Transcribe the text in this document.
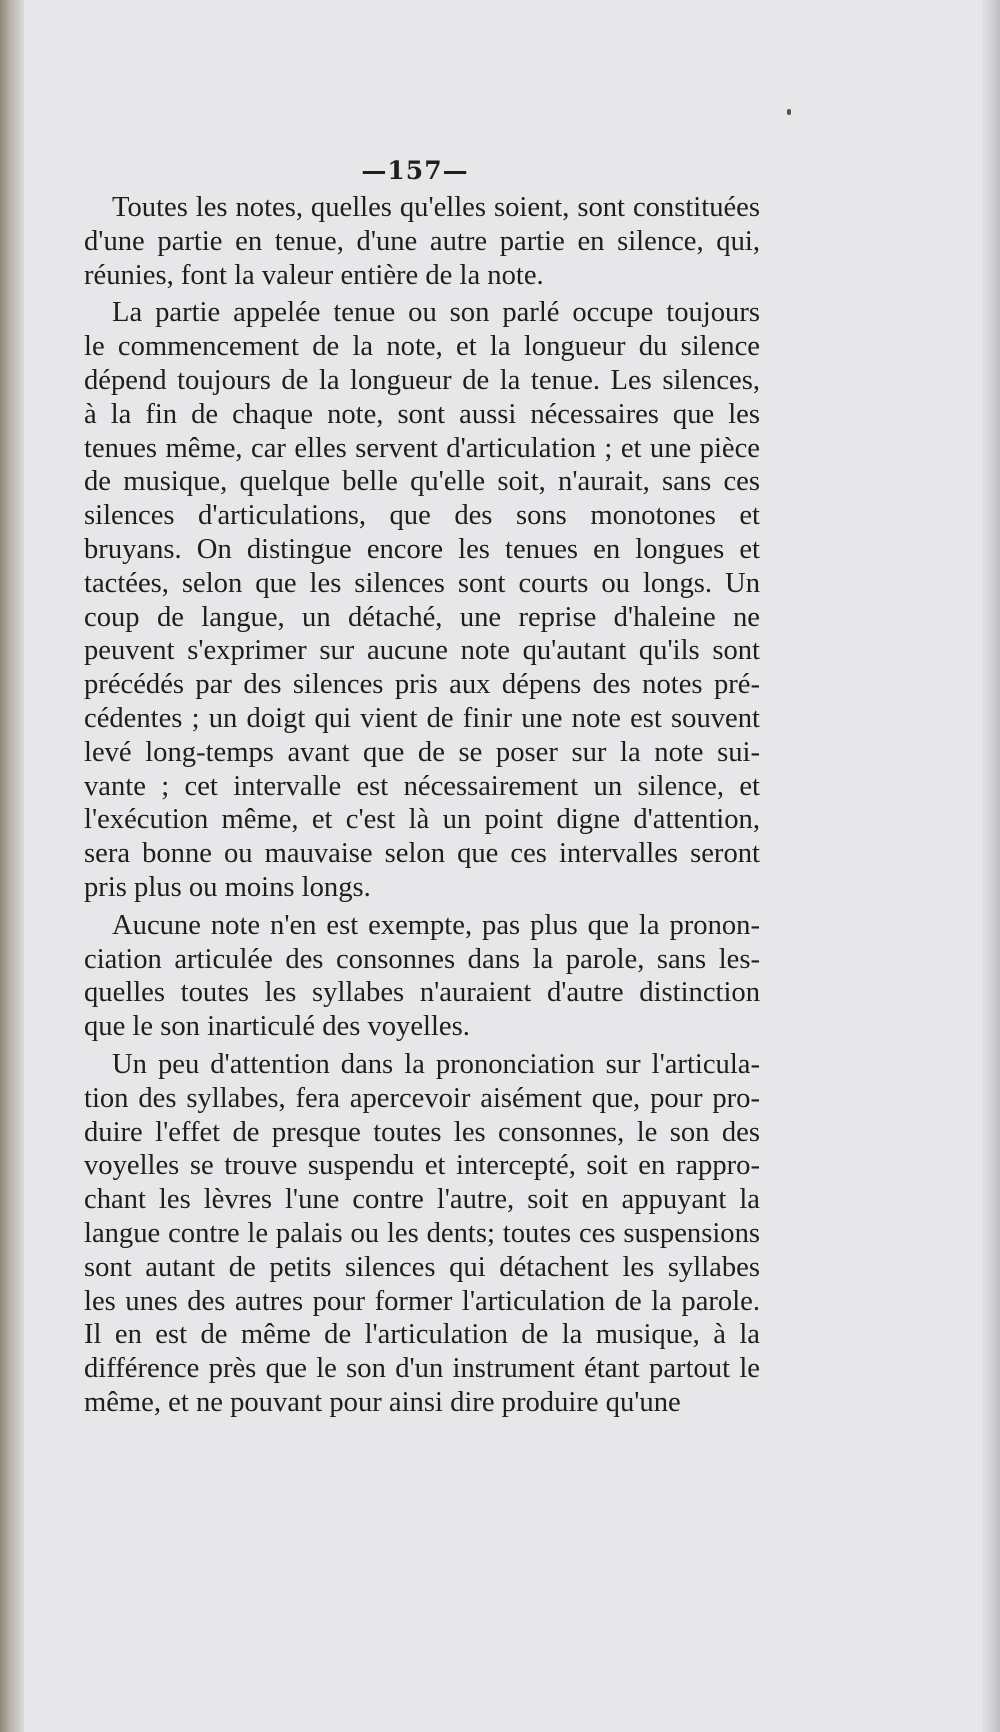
—157—
Toutes les notes, quelles qu'elles soient, sont constituées
d'une partie en tenue, d'une autre partie en silence, qui,
réunies, font la valeur entière de la note.
La partie appelée tenue ou son parlé occupe toujours
le commencement de la note, et la longueur du silence
dépend toujours de la longueur de la tenue. Les silences,
à la fin de chaque note, sont aussi nécessaires que les
tenues même, car elles servent d'articulation ; et une pièce
de musique, quelque belle qu'elle soit, n'aurait, sans ces
silences d'articulations, que des sons monotones et
bruyans. On distingue encore les tenues en longues et
tactées, selon que les silences sont courts ou longs. Un
coup de langue, un détaché, une reprise d'haleine ne
peuvent s'exprimer sur aucune note qu'autant qu'ils sont
précédés par des silences pris aux dépens des notes pré-
cédentes ; un doigt qui vient de finir une note est souvent
levé long-temps avant que de se poser sur la note sui-
vante ; cet intervalle est nécessairement un silence, et
l'exécution même, et c'est là un point digne d'attention,
sera bonne ou mauvaise selon que ces intervalles seront
pris plus ou moins longs.
Aucune note n'en est exempte, pas plus que la pronon-
ciation articulée des consonnes dans la parole, sans les-
quelles toutes les syllabes n'auraient d'autre distinction
que le son inarticulé des voyelles.
Un peu d'attention dans la prononciation sur l'articula-
tion des syllabes, fera apercevoir aisément que, pour pro-
duire l'effet de presque toutes les consonnes, le son des
voyelles se trouve suspendu et intercepté, soit en rappro-
chant les lèvres l'une contre l'autre, soit en appuyant la
langue contre le palais ou les dents; toutes ces suspensions
sont autant de petits silences qui détachent les syllabes
les unes des autres pour former l'articulation de la parole.
Il en est de même de l'articulation de la musique, à la
différence près que le son d'un instrument étant partout le
même, et ne pouvant pour ainsi dire produire qu'une
